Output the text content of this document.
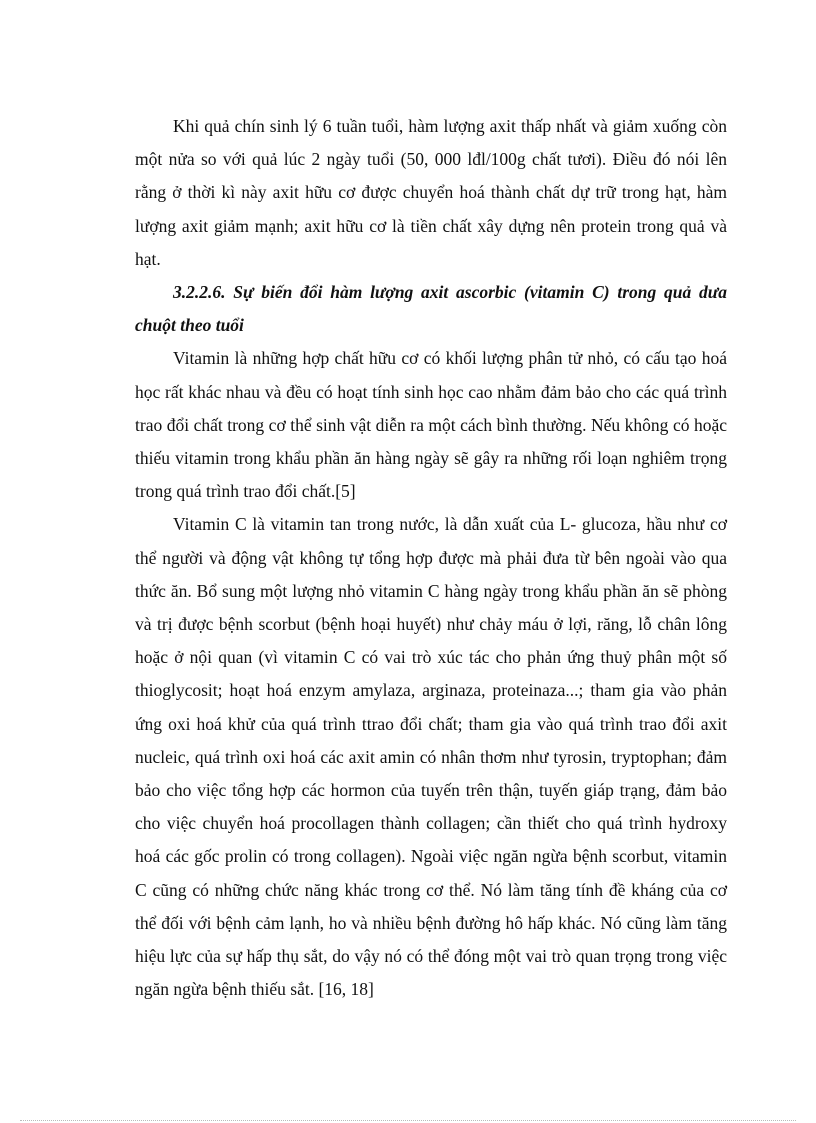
Khi quả chín sinh lý 6 tuần tuổi, hàm lượng axit thấp nhất và giảm xuống còn một nửa so với quả lúc 2 ngày tuổi (50, 000 lđl/100g chất tươi). Điều đó nói lên rằng ở thời kì này axit hữu cơ được chuyển hoá thành chất dự trữ trong hạt, hàm lượng axit giảm mạnh; axit hữu cơ là tiền chất xây dựng nên protein trong quả và hạt.

3.2.2.6. Sự biến đổi hàm lượng axit ascorbic (vitamin C) trong quả dưa chuột theo tuổi

Vitamin là những hợp chất hữu cơ có khối lượng phân tử nhỏ, có cấu tạo hoá học rất khác nhau và đều có hoạt tính sinh học cao nhằm đảm bảo cho các quá trình trao đổi chất trong cơ thể sinh vật diễn ra một cách bình thường. Nếu không có hoặc thiếu vitamin trong khẩu phần ăn hàng ngày sẽ gây ra những rối loạn nghiêm trọng trong quá trình trao đổi chất.[5]

Vitamin C là vitamin tan trong nước, là dẫn xuất của L- glucoza, hầu như cơ thể người và động vật không tự tổng hợp được mà phải đưa từ bên ngoài vào qua thức ăn. Bổ sung một lượng nhỏ vitamin C hàng ngày trong khẩu phần ăn sẽ phòng và trị được bệnh scorbut (bệnh hoại huyết) như chảy máu ở lợi, răng, lỗ chân lông hoặc ở nội quan (vì vitamin C có vai trò xúc tác cho phản ứng thuỷ phân một số thioglycosit; hoạt hoá enzym amylaza, arginaza, proteinaza...; tham gia vào phản ứng oxi hoá khử của quá trình ttrao đổi chất; tham gia vào quá trình trao đổi axit nucleic, quá trình oxi hoá các axit amin có nhân thơm như tyrosin, tryptophan; đảm bảo cho việc tổng hợp các hormon của tuyến trên thận, tuyến giáp trạng, đảm bảo cho việc chuyển hoá procollagen thành collagen; cần thiết cho quá trình hydroxy hoá các gốc prolin có trong collagen). Ngoài việc ngăn ngừa bệnh scorbut, vitamin C cũng có những chức năng khác trong cơ thể. Nó làm tăng tính đề kháng của cơ thể đối với bệnh cảm lạnh, ho và nhiều bệnh đường hô hấp khác. Nó cũng làm tăng hiệu lực của sự hấp thụ sắt, do vậy nó có thể đóng một vai trò quan trọng trong việc ngăn ngừa bệnh thiếu sắt. [16, 18]
